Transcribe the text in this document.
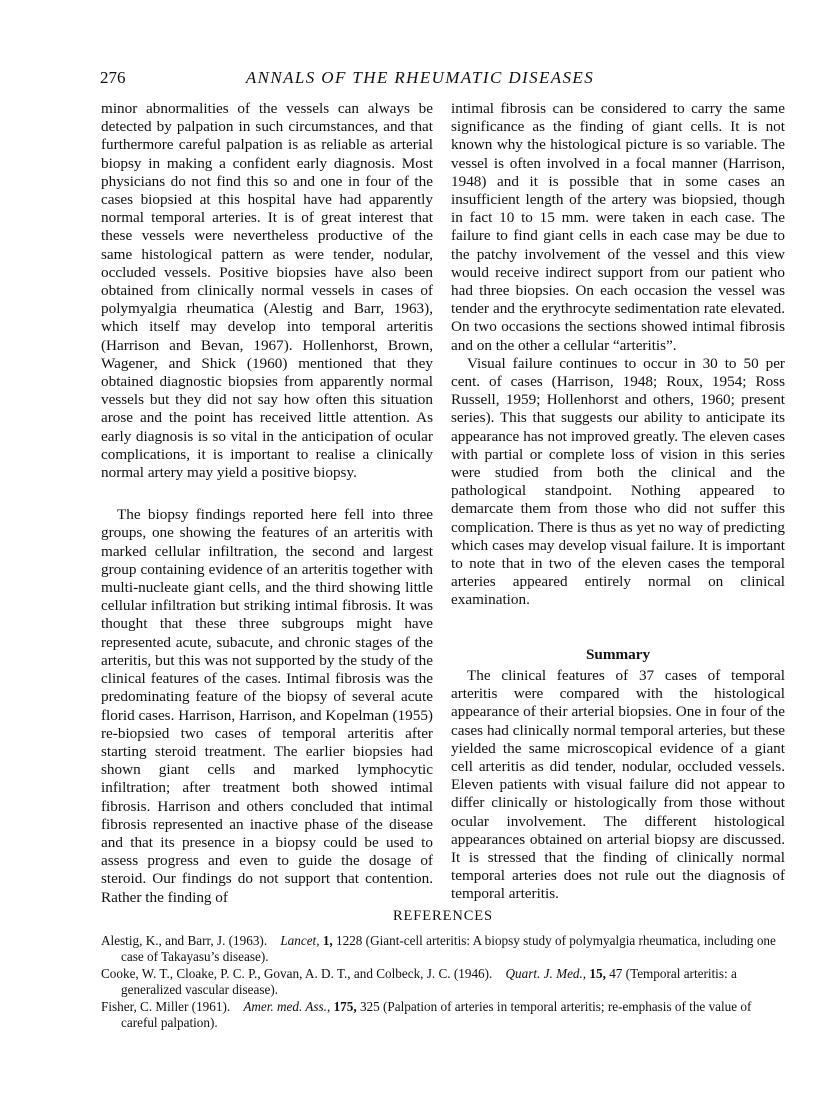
276	ANNALS OF THE RHEUMATIC DISEASES

minor abnormalities of the vessels can always be detected by palpation in such circumstances, and that furthermore careful palpation is as reliable as arterial biopsy in making a confident early diagnosis. Most physicians do not find this so and one in four of the cases biopsied at this hospital have had apparently normal temporal arteries. It is of great interest that these vessels were nevertheless productive of the same histological pattern as were tender, nodular, occluded vessels. Positive biopsies have also been obtained from clinically normal vessels in cases of polymyalgia rheumatica (Alestig and Barr, 1963), which itself may develop into temporal arteritis (Harrison and Bevan, 1967). Hollenhorst, Brown, Wagener, and Shick (1960) mentioned that they obtained diagnostic biopsies from apparently normal vessels but they did not say how often this situation arose and the point has received little attention. As early diagnosis is so vital in the anticipation of ocular complications, it is important to realise a clinically normal artery may yield a positive biopsy.

The biopsy findings reported here fell into three groups, one showing the features of an arteritis with marked cellular infiltration, the second and largest group containing evidence of an arteritis together with multi-nucleate giant cells, and the third showing little cellular infiltration but striking intimal fibrosis. It was thought that these three subgroups might have represented acute, subacute, and chronic stages of the arteritis, but this was not supported by the study of the clinical features of the cases. Intimal fibrosis was the predominating feature of the biopsy of several acute florid cases. Harrison, Harrison, and Kopelman (1955) re-biopsied two cases of temporal arteritis after starting steroid treatment. The earlier biopsies had shown giant cells and marked lymphocytic infiltration; after treatment both showed intimal fibrosis. Harrison and others concluded that intimal fibrosis represented an inactive phase of the disease and that its presence in a biopsy could be used to assess progress and even to guide the dosage of steroid. Our findings do not support that contention. Rather the finding of

intimal fibrosis can be considered to carry the same significance as the finding of giant cells. It is not known why the histological picture is so variable. The vessel is often involved in a focal manner (Harrison, 1948) and it is possible that in some cases an insufficient length of the artery was biopsied, though in fact 10 to 15 mm. were taken in each case. The failure to find giant cells in each case may be due to the patchy involvement of the vessel and this view would receive indirect support from our patient who had three biopsies. On each occasion the vessel was tender and the erythrocyte sedimentation rate elevated. On two occasions the sections showed intimal fibrosis and on the other a cellular “arteritis”.

Visual failure continues to occur in 30 to 50 per cent. of cases (Harrison, 1948; Roux, 1954; Ross Russell, 1959; Hollenhorst and others, 1960; present series). This that suggests our ability to anticipate its appearance has not improved greatly. The eleven cases with partial or complete loss of vision in this series were studied from both the clinical and the pathological standpoint. Nothing appeared to demarcate them from those who did not suffer this complication. There is thus as yet no way of predicting which cases may develop visual failure. It is important to note that in two of the eleven cases the temporal arteries appeared entirely normal on clinical examination.

Summary

The clinical features of 37 cases of temporal arteritis were compared with the histological appearance of their arterial biopsies. One in four of the cases had clinically normal temporal arteries, but these yielded the same microscopical evidence of a giant cell arteritis as did tender, nodular, occluded vessels. Eleven patients with visual failure did not appear to differ clinically or histologically from those without ocular involvement. The different histological appearances obtained on arterial biopsy are discussed. It is stressed that the finding of clinically normal temporal arteries does not rule out the diagnosis of temporal arteritis.

REFERENCES
Alestig, K., and Barr, J. (1963).  Lancet, 1, 1228 (Giant-cell arteritis: A biopsy study of polymyalgia rheumatica, including one case of Takayasu’s disease).
Cooke, W. T., Cloake, P. C. P., Govan, A. D. T., and Colbeck, J. C. (1946).  Quart. J. Med., 15, 47 (Temporal arteritis: a generalized vascular disease).
Fisher, C. Miller (1961).  Amer. med. Ass., 175, 325 (Palpation of arteries in temporal arteritis; re-emphasis of the value of careful palpation).
